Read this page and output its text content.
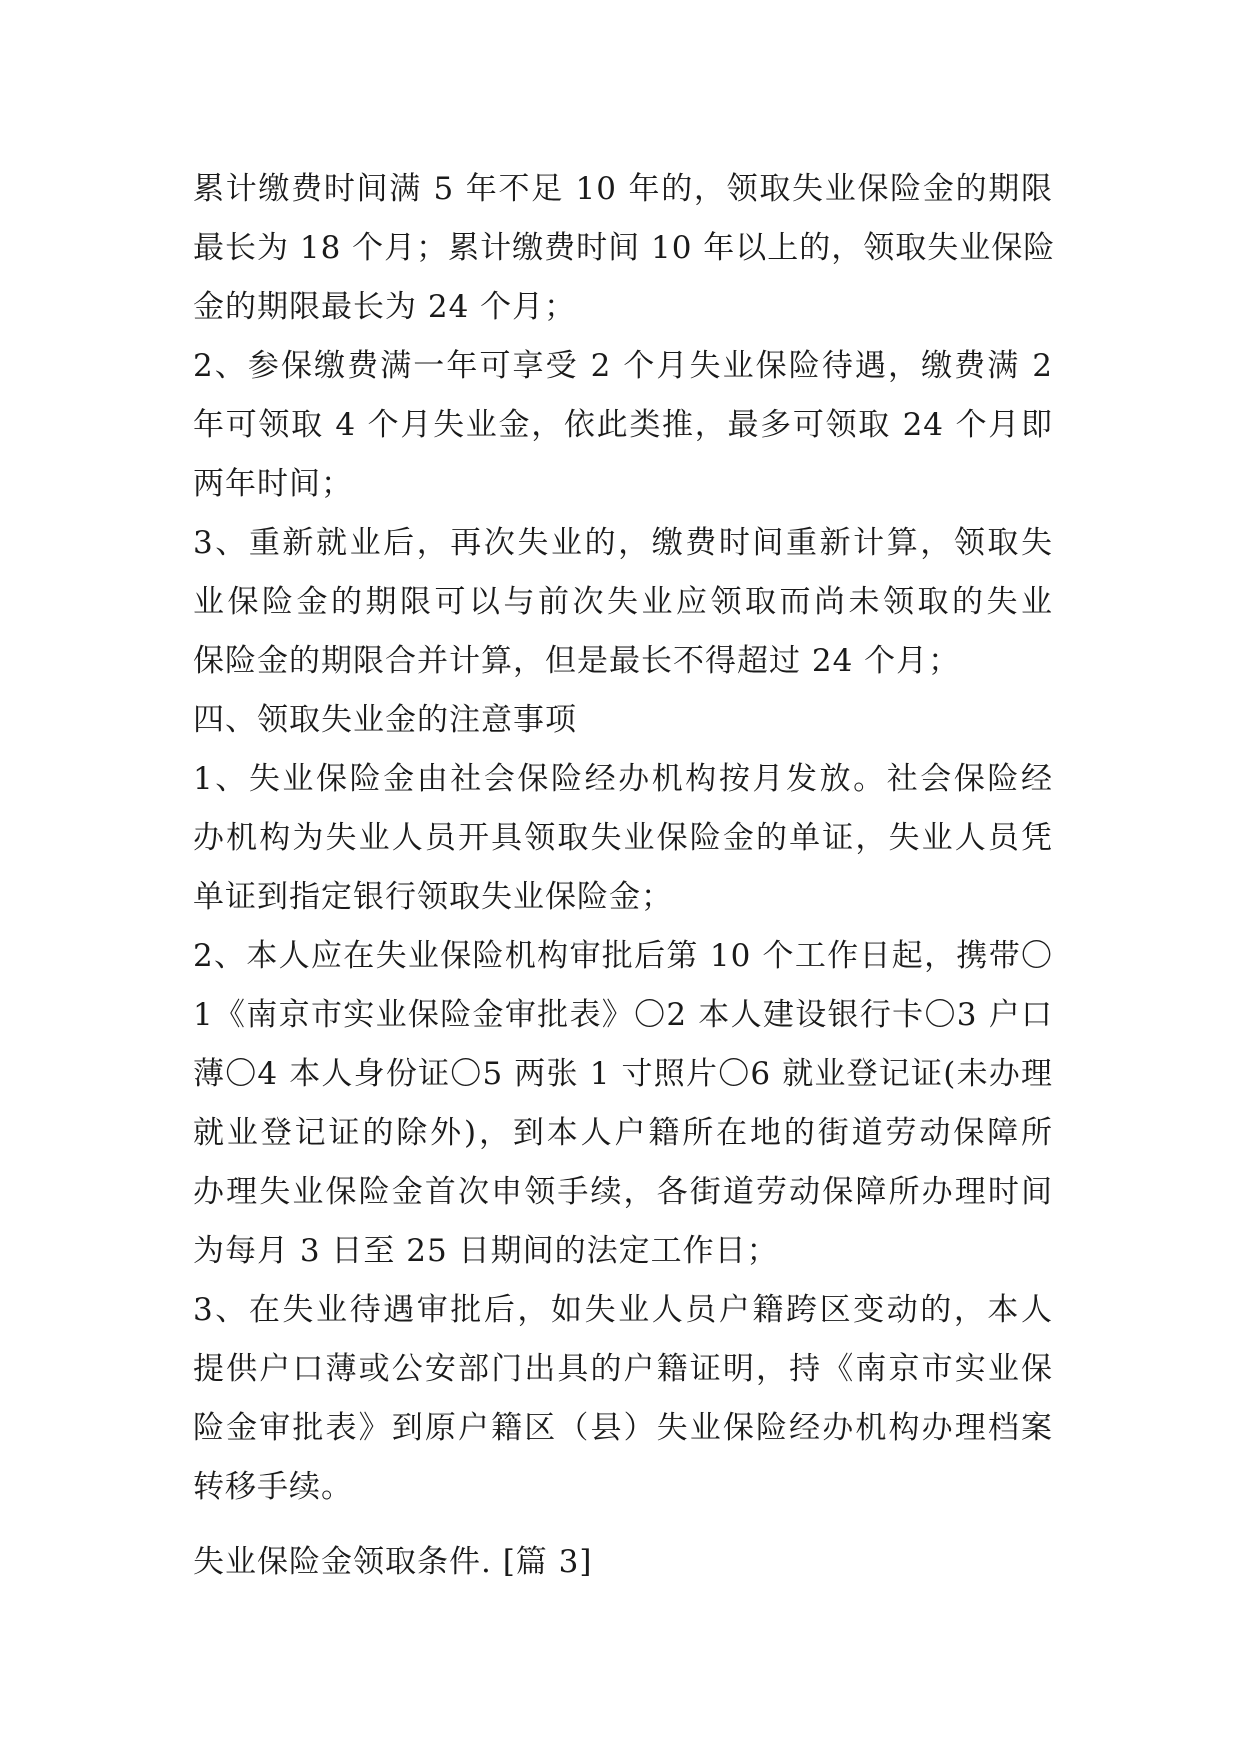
累计缴费时间满 5 年不足 10 年的，领取失业保险金的期限
最长为 18 个月；累计缴费时间 10 年以上的，领取失业保险
金的期限最长为 24 个月；
2、参保缴费满一年可享受 2 个月失业保险待遇，缴费满 2
年可领取 4 个月失业金，依此类推，最多可领取 24 个月即
两年时间；
3、重新就业后，再次失业的，缴费时间重新计算，领取失
业保险金的期限可以与前次失业应领取而尚未领取的失业
保险金的期限合并计算，但是最长不得超过 24 个月；
四、领取失业金的注意事项
1、失业保险金由社会保险经办机构按月发放。社会保险经
办机构为失业人员开具领取失业保险金的单证，失业人员凭
单证到指定银行领取失业保险金；
2、本人应在失业保险机构审批后第 10 个工作日起，携带〇
1《南京市实业保险金审批表》〇2 本人建设银行卡〇3 户口
薄〇4 本人身份证〇5 两张 1 寸照片〇6 就业登记证(未办理
就业登记证的除外)，到本人户籍所在地的街道劳动保障所
办理失业保险金首次申领手续，各街道劳动保障所办理时间
为每月 3 日至 25 日期间的法定工作日；
3、在失业待遇审批后，如失业人员户籍跨区变动的，本人
提供户口薄或公安部门出具的户籍证明，持《南京市实业保
险金审批表》到原户籍区（县）失业保险经办机构办理档案
转移手续。
失业保险金领取条件. [篇 3]
